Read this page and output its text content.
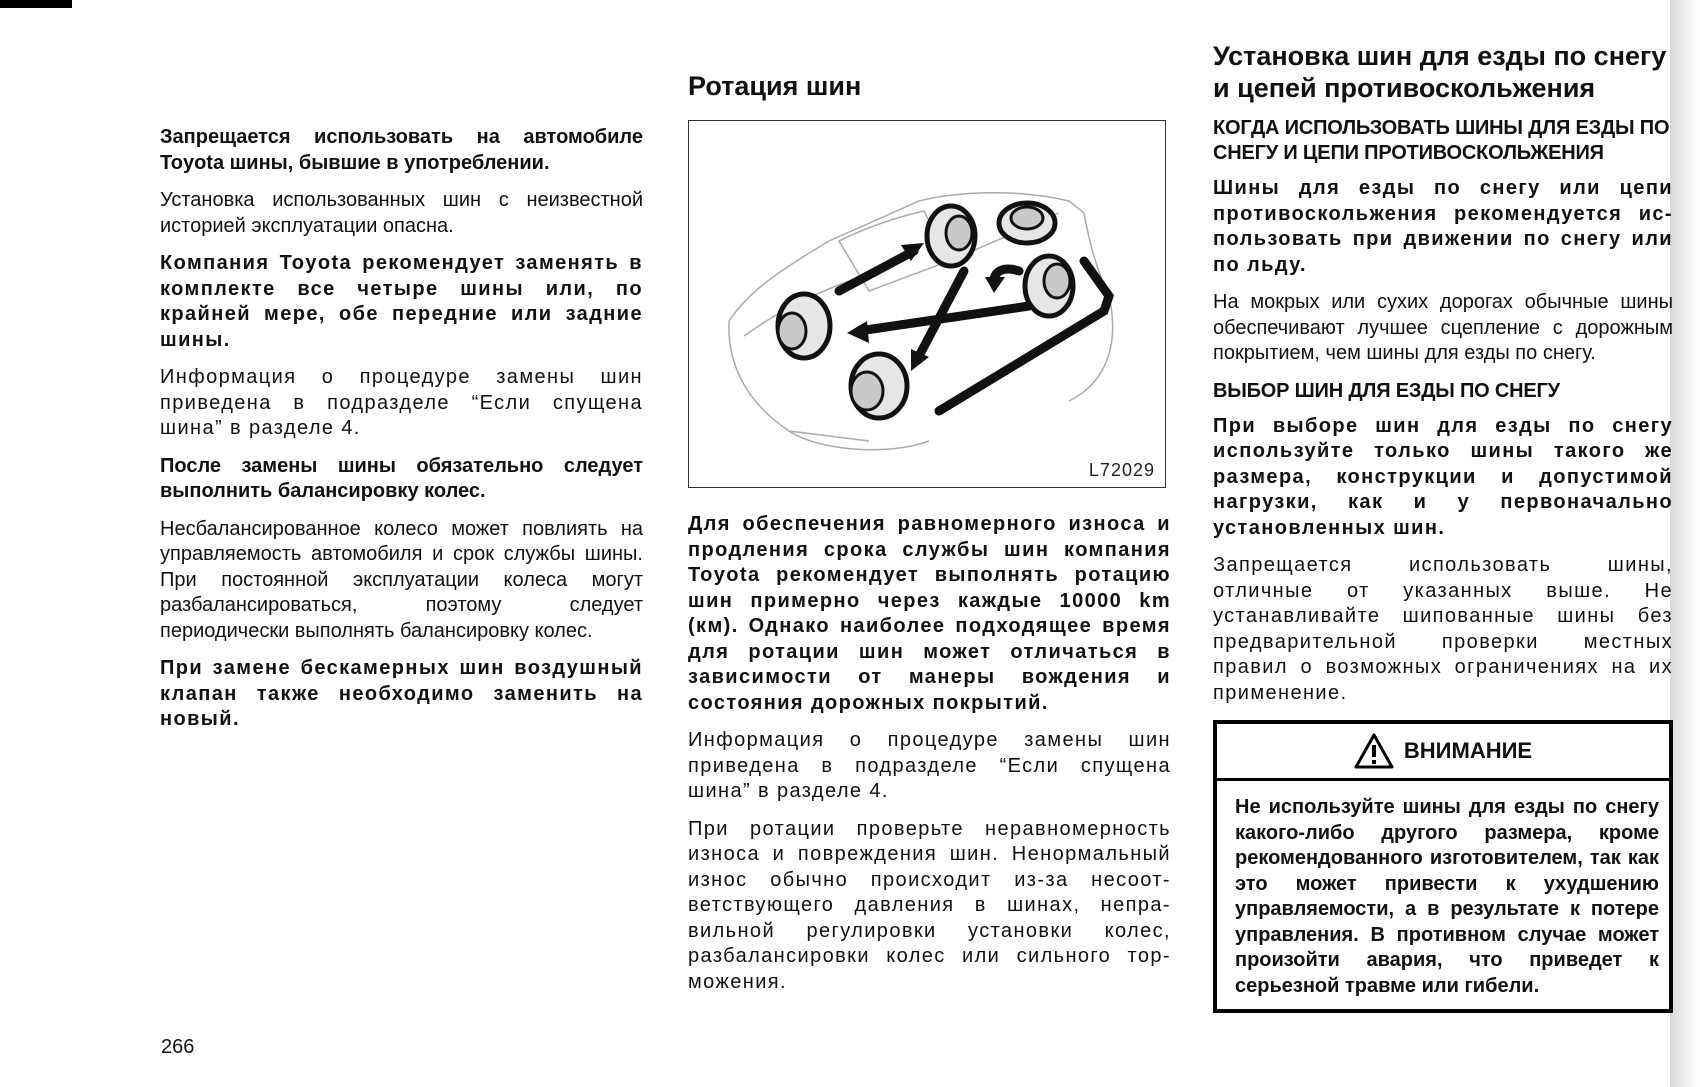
Запрещается использовать на автомобиле Toyota шины, бывшие в употреблении.

Установка использованных шин с неизвестной историей эксплуатации опасна.

Компания Toyota рекомендует заменять в комплекте все четыре шины или, по крайней мере, обе передние или задние шины.

Информация о процедуре замены шин приведена в подразделе “Если спущена шина” в разделе 4.

После замены шины обязательно следует выполнить балансировку колес.

Несбалансированное колесо может повлиять на управляемость автомобиля и срок службы шины. При постоянной эксплуатации колеса могут разбалансироваться, поэтому следует периодически выполнять балансировку колес.

При замене бескамерных шин воздушный клапан также необходимо заменить на новый.

Ротация шин
L72029

Для обеспечения равномерного износа и продления срока службы шин компания Toyota рекомендует выполнять ротацию шин примерно через каждые 10000 km (км). Однако наиболее подходящее время для ротации шин может отличаться в зависимости от манеры вождения и состояния дорожных покрытий.

Информация о процедуре замены шин приведена в подразделе “Если спущена шина” в разделе 4.

При ротации проверьте неравномерность износа и повреждения шин. Ненормальный износ обычно происходит из-за несоот-ветствующего давления в шинах, непра-вильной регулировки установки колес, разбалансировки колес или сильного тор-можения.

Установка шин для езды по снегу и цепей противоскольжения
КОГДА ИСПОЛЬЗОВАТЬ ШИНЫ ДЛЯ ЕЗДЫ ПО СНЕГУ И ЦЕПИ ПРОТИВОСКОЛЬЖЕНИЯ

Шины для езды по снегу или цепи противоскольжения рекомендуется ис-пользовать при движении по снегу или по льду.

На мокрых или сухих дорогах обычные шины обеспечивают лучшее сцепление с дорожным покрытием, чем шины для езды по снегу.

ВЫБОР ШИН ДЛЯ ЕЗДЫ ПО СНЕГУ

При выборе шин для езды по снегу используйте только шины такого же размера, конструкции и допустимой нагрузки, как и у первоначально установленных шин.

Запрещается использовать шины, отличные от указанных выше. Не устанавливайте шипованные шины без предварительной проверки местных правил о возможных ограничениях на их применение.

ВНИМАНИЕ

Не используйте шины для езды по снегу какого-либо другого размера, кроме рекомендованного изготовителем, так как это может привести к ухудшению управляемости, а в результате к потере управления. В противном случае может произойти авария, что приведет к серьезной травме или гибели.

266
